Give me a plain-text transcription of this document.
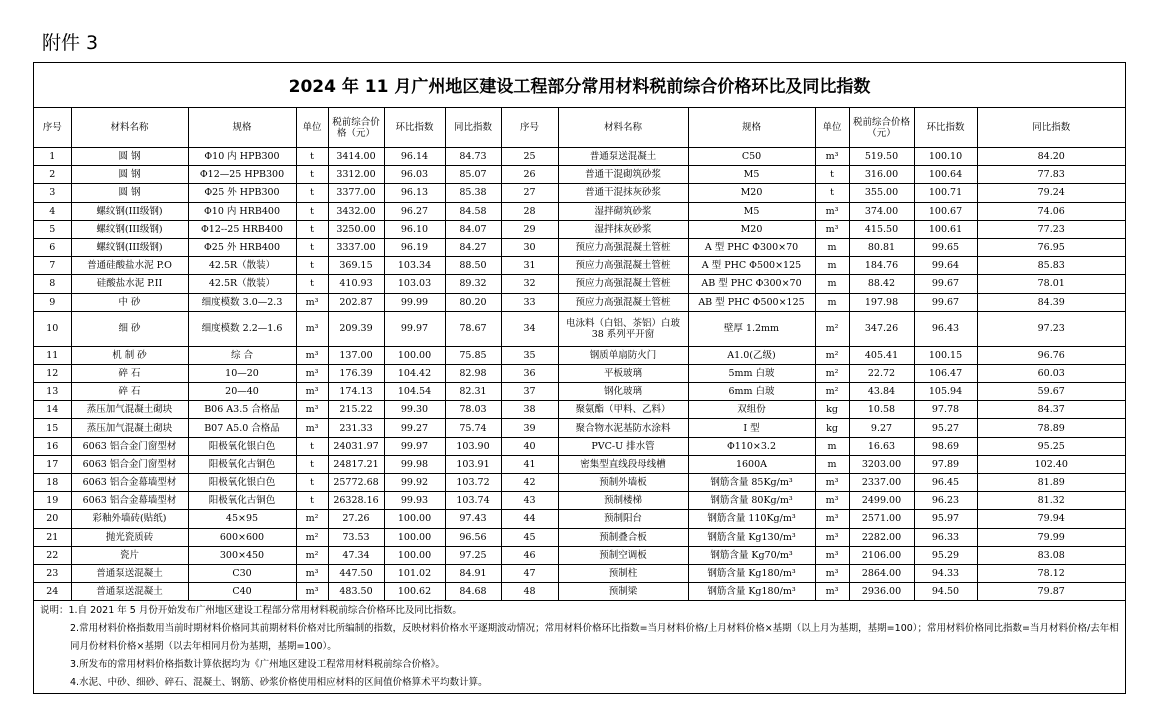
附件 3
2024 年 11 月广州地区建设工程部分常用材料税前综合价格环比及同比指数
序号	材料名称	规格	单位	税前综合价格（元）	环比指数	同比指数	序号	材料名称	规格	单位	税前综合价格（元）	环比指数	同比指数
1	圆 钢	Φ10 内 HPB300	t	3414.00	96.14	84.73	25	普通泵送混凝土	C50	m³	519.50	100.10	84.20
2	圆 钢	Φ12—25 HPB300	t	3312.00	96.03	85.07	26	普通干混砌筑砂浆	M5	t	316.00	100.64	77.83
3	圆 钢	Φ25 外 HPB300	t	3377.00	96.13	85.38	27	普通干混抹灰砂浆	M20	t	355.00	100.71	79.24
4	螺纹钢(III级钢)	Φ10 内 HRB400	t	3432.00	96.27	84.58	28	湿拌砌筑砂浆	M5	m³	374.00	100.67	74.06
5	螺纹钢(III级钢)	Φ12--25 HRB400	t	3250.00	96.10	84.07	29	湿拌抹灰砂浆	M20	m³	415.50	100.61	77.23
6	螺纹钢(III级钢)	Φ25 外 HRB400	t	3337.00	96.19	84.27	30	预应力高强混凝土管桩	A 型 PHC Φ300×70	m	80.81	99.65	76.95
7	普通硅酸盐水泥 P.O	42.5R（散装）	t	369.15	103.34	88.50	31	预应力高强混凝土管桩	A 型 PHC Φ500×125	m	184.76	99.64	85.83
8	硅酸盐水泥 P.II	42.5R（散装）	t	410.93	103.03	89.32	32	预应力高强混凝土管桩	AB 型 PHC Φ300×70	m	88.42	99.67	78.01
9	中 砂	细度模数 3.0—2.3	m³	202.87	99.99	80.20	33	预应力高强混凝土管桩	AB 型 PHC Φ500×125	m	197.98	99.67	84.39
10	细 砂	细度模数 2.2—1.6	m³	209.39	99.97	78.67	34	电泳料（白铝、茶铝）白玻 38 系列平开窗	壁厚 1.2mm	m²	347.26	96.43	97.23
11	机 制 砂	综 合	m³	137.00	100.00	75.85	35	钢质单扇防火门	A1.0(乙级)	m²	405.41	100.15	96.76
12	碎 石	10—20	m³	176.39	104.42	82.98	36	平板玻璃	5mm 白玻	m²	22.72	106.47	60.03
13	碎 石	20—40	m³	174.13	104.54	82.31	37	钢化玻璃	6mm 白玻	m²	43.84	105.94	59.67
14	蒸压加气混凝土砌块	B06 A3.5 合格品	m³	215.22	99.30	78.03	38	聚氨酯（甲料、乙料）	双组份	kg	10.58	97.78	84.37
15	蒸压加气混凝土砌块	B07 A5.0 合格品	m³	231.33	99.27	75.74	39	聚合物水泥基防水涂料	I 型	kg	9.27	95.27	78.89
16	6063 铝合金门窗型材	阳极氧化银白色	t	24031.97	99.97	103.90	40	PVC-U 排水管	Φ110×3.2	m	16.63	98.69	95.25
17	6063 铝合金门窗型材	阳极氧化古铜色	t	24817.21	99.98	103.91	41	密集型直线段母线槽	1600A	m	3203.00	97.89	102.40
18	6063 铝合金幕墙型材	阳极氧化银白色	t	25772.68	99.92	103.72	42	预制外墙板	钢筋含量 85Kg/m³	m³	2337.00	96.45	81.89
19	6063 铝合金幕墙型材	阳极氧化古铜色	t	26328.16	99.93	103.74	43	预制楼梯	钢筋含量 80Kg/m³	m³	2499.00	96.23	81.32
20	彩釉外墙砖(贴纸)	45×95	m²	27.26	100.00	97.43	44	预制阳台	钢筋含量 110Kg/m³	m³	2571.00	95.97	79.94
21	抛光瓷质砖	600×600	m²	73.53	100.00	96.56	45	预制叠合板	钢筋含量 Kg130/m³	m³	2282.00	96.33	79.99
22	瓷片	300×450	m²	47.34	100.00	97.25	46	预制空调板	钢筋含量 Kg70/m³	m³	2106.00	95.29	83.08
23	普通泵送混凝土	C30	m³	447.50	101.02	84.91	47	预制柱	钢筋含量 Kg180/m³	m³	2864.00	94.33	78.12
24	普通泵送混凝土	C40	m³	483.50	100.62	84.68	48	预制梁	钢筋含量 Kg180/m³	m³	2936.00	94.50	79.87
说明：1.自 2021 年 5 月份开始发布广州地区建设工程部分常用材料税前综合价格环比及同比指数。
2.常用材料价格指数用当前时期材料价格同其前期材料价格对比所编制的指数，反映材料价格水平逐期波动情况；常用材料价格环比指数=当月材料价格/上月材料价格×基期（以上月为基期，基期=100）；常用材料价格同比指数=当月材料价格/去年相同月份材料价格×基期（以去年相同月份为基期，基期=100）。
3.所发布的常用材料价格指数计算依据均为《广州地区建设工程常用材料税前综合价格》。
4.水泥、中砂、细砂、碎石、混凝土、钢筋、砂浆价格使用相应材料的区间值价格算术平均数计算。
